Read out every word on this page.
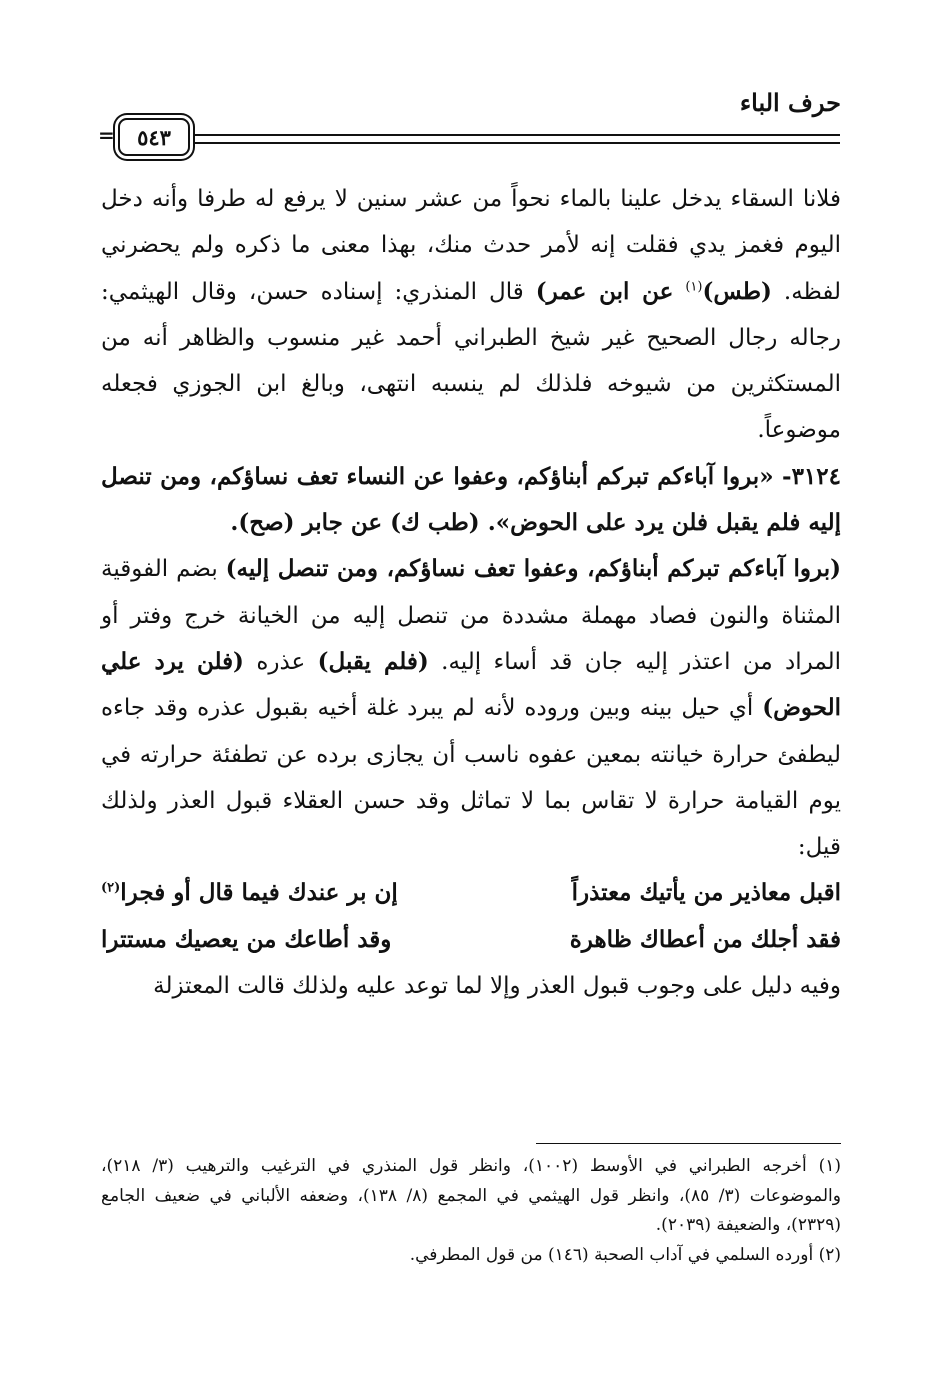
حرف الباء
٥٤٣
=

فلانا السقاء يدخل علينا بالماء نحواً من عشر سنين لا يرفع له طرفا وأنه دخل اليوم فغمز يدي فقلت إنه لأمر حدث منك، بهذا معنى ما ذكره ولم يحضرني لفظه. (طس)$^{(١)}$ عن ابن عمر) قال المنذري: إسناده حسن، وقال الهيثمي: رجاله رجال الصحيح غير شيخ الطبراني أحمد غير منسوب والظاهر أنه من المستكثرين من شيوخه فلذلك لم ينسبه انتهى، وبالغ ابن الجوزي فجعله موضوعاً.

٣١٢٤- «بروا آباءكم تبركم أبناؤكم، وعفوا عن النساء تعف نساؤكم، ومن تنصل إليه فلم يقبل فلن يرد على الحوض». (طب ك) عن جابر (صح).

(بروا آباءكم تبركم أبناؤكم، وعفوا تعف نساؤكم، ومن تنصل إليه) بضم الفوقية المثناة والنون فصاد مهملة مشددة من تنصل إليه من الخيانة خرج وفتر أو المراد من اعتذر إليه جان قد أساء إليه. (فلم يقبل) عذره (فلن يرد علي الحوض) أي حيل بينه وبين وروده لأنه لم يبرد غلة أخيه بقبول عذره وقد جاءه ليطفئ حرارة خيانته بمعين عفوه ناسب أن يجازى برده عن تطفئة حرارته في يوم القيامة حرارة لا تقاس بما لا تماثل وقد حسن العقلاء قبول العذر ولذلك قيل:

اقبل معاذير من يأتيك معتذراً
إن بر عندك فيما قال أو فجرا$^{(٢)}$
فقد أجلك من أعطاك ظاهرة
وقد أطاعك من يعصيك مستترا

وفيه دليل على وجوب قبول العذر وإلا لما توعد عليه ولذلك قالت المعتزلة

(١) أخرجه الطبراني في الأوسط (١٠٠٢)، وانظر قول المنذري في الترغيب والترهيب (٣/ ٢١٨)، والموضوعات (٣/ ٨٥)، وانظر قول الهيثمي في المجمع (٨/ ١٣٨)، وضعفه الألباني في ضعيف الجامع (٢٣٢٩)، والضعيفة (٢٠٣٩).

(٢) أورده السلمي في آداب الصحبة (١٤٦) من قول المطرفي.
